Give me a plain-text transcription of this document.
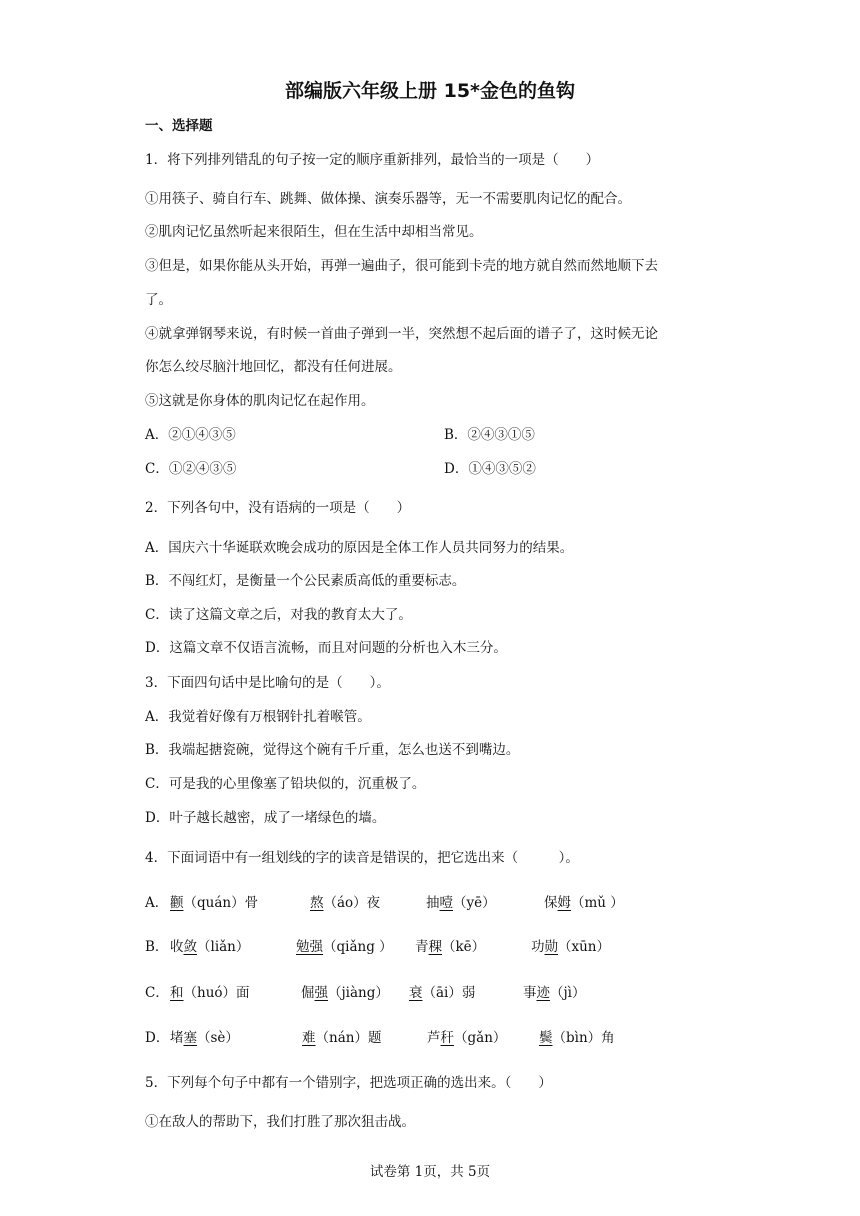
部编版六年级上册 15*金色的鱼钩
一、选择题
1．将下列排列错乱的句子按一定的顺序重新排列，最恰当的一项是（　　）
①用筷子、骑自行车、跳舞、做体操、演奏乐器等，无一不需要肌肉记忆的配合。
②肌肉记忆虽然听起来很陌生，但在生活中却相当常见。
③但是，如果你能从头开始，再弹一遍曲子，很可能到卡壳的地方就自然而然地顺下去
了。
④就拿弹钢琴来说，有时候一首曲子弹到一半，突然想不起后面的谱子了，这时候无论
你怎么绞尽脑汁地回忆，都没有任何进展。
⑤这就是你身体的肌肉记忆在起作用。
A．②①④③⑤	B．②④③①⑤
C．①②④③⑤	D．①④③⑤②
2．下列各句中，没有语病的一项是（　　）
A．国庆六十华诞联欢晚会成功的原因是全体工作人员共同努力的结果。
B．不闯红灯，是衡量一个公民素质高低的重要标志。
C．读了这篇文章之后，对我的教育太大了。
D．这篇文章不仅语言流畅，而且对问题的分析也入木三分。
3．下面四句话中是比喻句的是（　　）。
A．我觉着好像有万根钢针扎着喉管。
B．我端起搪瓷碗，觉得这个碗有千斤重，怎么也送不到嘴边。
C．可是我的心里像塞了铅块似的，沉重极了。
D．叶子越长越密，成了一堵绿色的墙。
4．下面词语中有一组划线的字的读音是错误的，把它选出来（　　　）。
A． 颧（quán）骨	熬（áo）夜	抽噎（yē）	保姆（mǔ ）
B． 收敛（liǎn）	勉强（qiǎng ） 青稞（kē）	功勋（xūn）
C． 和（huó）面	倔强（jiàng） 衰（āi）弱	事迹（jì）
D． 堵塞（sè）	难（nán）题	芦秆（gǎn） 鬓（bìn）角
5．下列每个句子中都有一个错别字，把选项正确的选出来。（　　）
①在敌人的帮助下，我们打胜了那次狙击战。
试卷第 1页，共 5页
